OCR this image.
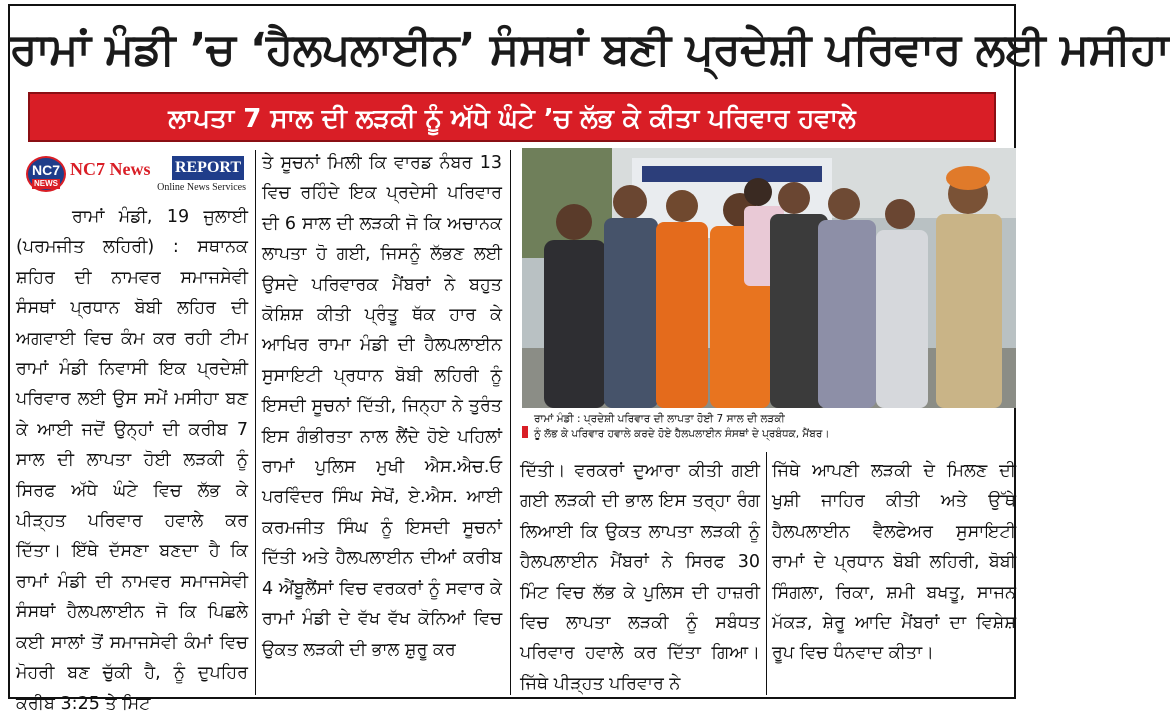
ਰਾਮਾਂ ਮੰਡੀ ’ਚ ‘ਹੈਲਪਲਾਈਨ’ ਸੰਸਥਾਂ ਬਣੀ ਪ੍ਰਦੇਸ਼ੀ ਪਰਿਵਾਰ ਲਈ ਮਸੀਹਾ
ਲਾਪਤਾ 7 ਸਾਲ ਦੀ ਲੜਕੀ ਨੂੰ ਅੱਧੇ ਘੰਟੇ ’ਚ ਲੱਭ ਕੇ ਕੀਤਾ ਪਰਿਵਾਰ ਹਵਾਲੇ
NC7
NEWS
NC7 News	REPORT
Online News Services

ਰਾਮਾਂ ਮੰਡੀ, 19 ਜੁਲਾਈ (ਪਰਮਜੀਤ ਲਹਿਰੀ) : ਸਥਾਨਕ ਸ਼ਹਿਰ ਦੀ ਨਾਮਵਰ ਸਮਾਜਸੇਵੀ ਸੰਸਥਾਂ ਪ੍ਰਧਾਨ ਬੋਬੀ ਲਹਿਰ ਦੀ ਅਗਵਾਈ ਵਿਚ ਕੰਮ ਕਰ ਰਹੀ ਟੀਮ ਰਾਮਾਂ ਮੰਡੀ ਨਿਵਾਸੀ ਇਕ ਪ੍ਰਦੇਸ਼ੀ ਪਰਿਵਾਰ ਲਈ ਉਸ ਸਮੇਂ ਮਸੀਹਾ ਬਣ ਕੇ ਆਈ ਜਦੋਂ ਉਨ੍ਹਾਂ ਦੀ ਕਰੀਬ 7 ਸਾਲ ਦੀ ਲਾਪਤਾ ਹੋਈ ਲੜਕੀ ਨੂੰ ਸਿਰਫ ਅੱਧੇ ਘੰਟੇ ਵਿਚ ਲੱਭ ਕੇ ਪੀੜ੍ਹਤ ਪਰਿਵਾਰ ਹਵਾਲੇ ਕਰ ਦਿੱਤਾ। ਇੱਥੇ ਦੱਸਣਾ ਬਣਦਾ ਹੈ ਕਿ ਰਾਮਾਂ ਮੰਡੀ ਦੀ ਨਾਮਵਰ ਸਮਾਜਸੇਵੀ ਸੰਸਥਾਂ ਹੈਲਪਲਾਈਨ ਜੋ ਕਿ ਪਿਛਲੇ ਕਈ ਸਾਲਾਂ ਤੋਂ ਸਮਾਜਸੇਵੀ ਕੰਮਾਂ ਵਿਚ ਮੋਹਰੀ ਬਣ ਚੁੱਕੀ ਹੈ, ਨੂੰ ਦੁਪਹਿਰ ਕਰੀਬ 3:25 ਤੇ ਮਿਟ

ਤੇ ਸੂਚਨਾਂ ਮਿਲੀ ਕਿ ਵਾਰਡ ਨੰਬਰ 13 ਵਿਚ ਰਹਿੰਦੇ ਇਕ ਪ੍ਰਦੇਸੀ ਪਰਿਵਾਰ ਦੀ 6 ਸਾਲ ਦੀ ਲੜਕੀ ਜੋ ਕਿ ਅਚਾਨਕ ਲਾਪਤਾ ਹੋ ਗਈ, ਜਿਸਨੂੰ ਲੱਭਣ ਲਈ ਉਸਦੇ ਪਰਿਵਾਰਕ ਮੈਂਬਰਾਂ ਨੇ ਬਹੁਤ ਕੋਸ਼ਿਸ਼ ਕੀਤੀ ਪ੍ਰੰਤੂ ਥੱਕ ਹਾਰ ਕੇ ਆਖਿਰ ਰਾਮਾ ਮੰਡੀ ਦੀ ਹੈਲਪਲਾਈਨ ਸੁਸਾਇਟੀ ਪ੍ਰਧਾਨ ਬੋਬੀ ਲਹਿਰੀ ਨੂੰ ਇਸਦੀ ਸੂਚਨਾਂ ਦਿੱਤੀ, ਜਿਨ੍ਹਾ ਨੇ ਤੁਰੰਤ ਇਸ ਗੰਭੀਰਤਾ ਨਾਲ ਲੈਂਦੇ ਹੋਏ ਪਹਿਲਾਂ ਰਾਮਾਂ ਪੁਲਿਸ ਮੁਖੀ ਐਸ.ਐਚ.ਓ ਪਰਵਿੰਦਰ ਸਿੰਘ ਸੇਖੋਂ, ਏ.ਐਸ. ਆਈ ਕਰਮਜੀਤ ਸਿੰਘ ਨੂੰ ਇਸਦੀ ਸੂਚਨਾਂ ਦਿੱਤੀ ਅਤੇ ਹੈਲਪਲਾਈਨ ਦੀਆਂ ਕਰੀਬ 4 ਐਂਬੂਲੈਂਸਾਂ ਵਿਚ ਵਰਕਰਾਂ ਨੂੰ ਸਵਾਰ ਕੇ ਰਾਮਾਂ ਮੰਡੀ ਦੇ ਵੱਖ ਵੱਖ ਕੋਨਿਆਂ ਵਿਚ ਉਕਤ ਲੜਕੀ ਦੀ ਭਾਲ ਸ਼ੁਰੂ ਕਰ

ਰਾਮਾਂ ਮੰਡੀ : ਪ੍ਰਦੇਸ਼ੀ ਪਰਿਵਾਰ ਦੀ ਲਾਪਤਾ ਹੋਈ 7 ਸਾਲ ਦੀ ਲੜਕੀ
ਨੂੰ ਲੱਭ ਕੇ ਪਰਿਵਾਰ ਹਵਾਲੇ ਕਰਦੇ ਹੋਏ ਹੈਲਪਲਾਈਨ ਸੰਸਥਾਂ ਦੇ ਪ੍ਰਬੰਧਕ, ਮੈਂਬਰ।

ਦਿੱਤੀ। ਵਰਕਰਾਂ ਦੁਆਰਾ ਕੀਤੀ ਗਈ ਗਈ ਲੜਕੀ ਦੀ ਭਾਲ ਇਸ ਤਰ੍ਹਾ ਰੰਗ ਲਿਆਈ ਕਿ ਉਕਤ ਲਾਪਤਾ ਲੜਕੀ ਨੂੰ ਹੈਲਪਲਾਈਨ ਮੈਂਬਰਾਂ ਨੇ ਸਿਰਫ 30 ਮਿੰਟ ਵਿਚ ਲੱਭ ਕੇ ਪੁਲਿਸ ਦੀ ਹਾਜ਼ਰੀ ਵਿਚ ਲਾਪਤਾ ਲੜਕੀ ਨੂੰ ਸਬੰਧਤ ਪਰਿਵਾਰ ਹਵਾਲੇ ਕਰ ਦਿੱਤਾ ਗਿਆ। ਜਿੱਥੇ ਪੀੜ੍ਹਤ ਪਰਿਵਾਰ ਨੇ

ਜਿੱਥੇ ਆਪਣੀ ਲੜਕੀ ਦੇ ਮਿਲਣ ਦੀ ਖੁਸ਼ੀ ਜਾਹਿਰ ਕੀਤੀ ਅਤੇ ਉੱਥੇ ਹੈਲਪਲਾਈਨ ਵੈਲਫੇਅਰ ਸੁਸਾਇਟੀ ਰਾਮਾਂ ਦੇ ਪ੍ਰਧਾਨ ਬੋਬੀ ਲਹਿਰੀ, ਬੋਬੀ ਸਿੰਗਲਾ, ਰਿਕਾ, ਸ਼ਮੀ ਬਖਤੂ, ਸਾਜਨ ਮੱਕੜ, ਸ਼ੇਰੂ ਆਦਿ ਮੈਂਬਰਾਂ ਦਾ ਵਿਸ਼ੇਸ਼ ਰੂਪ ਵਿਚ ਧੰਨਵਾਦ ਕੀਤਾ।
